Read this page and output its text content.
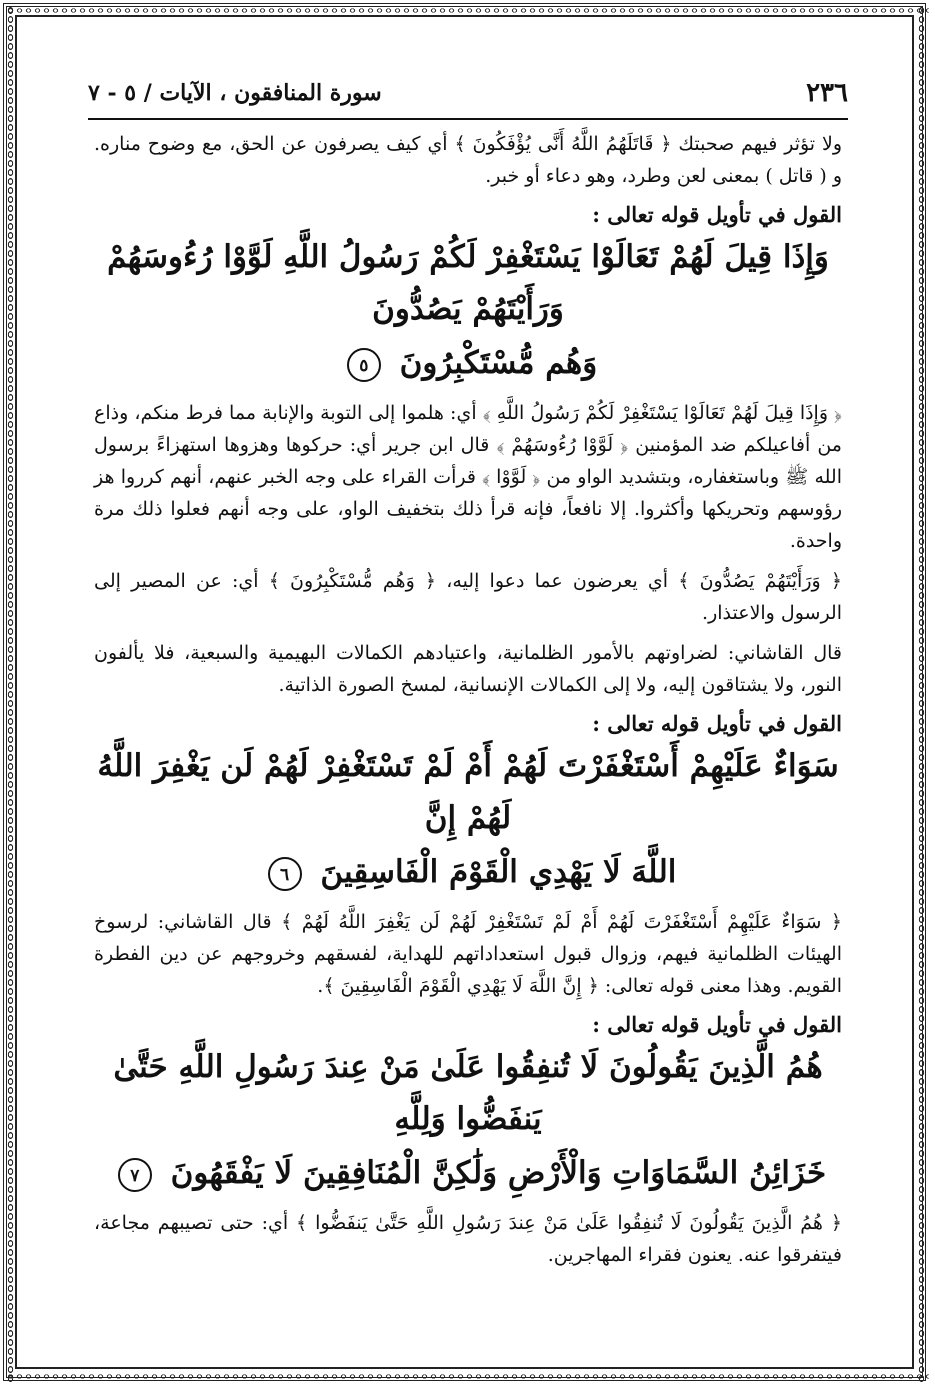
٢٣٦
سورة المنافقون ، الآيات / ٥ - ٧

ولا تؤثر فيهم صحبتك ﴿ قَاتَلَهُمُ اللَّهُ أَنَّى يُؤْفَكُونَ ﴾ أي كيف يصرفون عن الحق، مع وضوح مناره. و ( قاتل ) بمعنى لعن وطرد، وهو دعاء أو خبر.

القول في تأويل قوله تعالى :
وَإِذَا قِيلَ لَهُمْ تَعَالَوْا يَسْتَغْفِرْ لَكُمْ رَسُولُ اللَّهِ لَوَّوْا رُءُوسَهُمْ وَرَأَيْتَهُمْ يَصُدُّونَ
وَهُم مُّسْتَكْبِرُونَ ٥

﴿ وَإِذَا قِيلَ لَهُمْ تَعَالَوْا يَسْتَغْفِرْ لَكُمْ رَسُولُ اللَّهِ ﴾ أي: هلموا إلى التوبة والإنابة مما فرط منكم، وذاع من أفاعيلكم ضد المؤمنين ﴿ لَوَّوْا رُءُوسَهُمْ ﴾ قال ابن جرير أي: حركوها وهزوها استهزاءً برسول الله ﷺ وباستغفاره، وبتشديد الواو من ﴿ لَوَّوْا ﴾ قرأت القراء على وجه الخبر عنهم، أنهم كرروا هز رؤوسهم وتحريكها وأكثروا. إلا نافعاً، فإنه قرأ ذلك بتخفيف الواو، على وجه أنهم فعلوا ذلك مرة واحدة.

﴿ وَرَأَيْتَهُمْ يَصُدُّونَ ﴾ أي يعرضون عما دعوا إليه، ﴿ وَهُم مُّسْتَكْبِرُونَ ﴾ أي: عن المصير إلى الرسول والاعتذار.

قال القاشاني: لضراوتهم بالأمور الظلمانية، واعتيادهم الكمالات البهيمية والسبعية، فلا يألفون النور، ولا يشتاقون إليه، ولا إلى الكمالات الإنسانية، لمسخ الصورة الذاتية.

القول في تأويل قوله تعالى :
سَوَاءٌ عَلَيْهِمْ أَسْتَغْفَرْتَ لَهُمْ أَمْ لَمْ تَسْتَغْفِرْ لَهُمْ لَن يَغْفِرَ اللَّهُ لَهُمْ إِنَّ
اللَّهَ لَا يَهْدِي الْقَوْمَ الْفَاسِقِينَ ٦

﴿ سَوَاءٌ عَلَيْهِمْ أَسْتَغْفَرْتَ لَهُمْ أَمْ لَمْ تَسْتَغْفِرْ لَهُمْ لَن يَغْفِرَ اللَّهُ لَهُمْ ﴾ قال القاشاني: لرسوخ الهيئات الظلمانية فيهم، وزوال قبول استعداداتهم للهداية، لفسقهم وخروجهم عن دين الفطرة القويم. وهذا معنى قوله تعالى: ﴿ إِنَّ اللَّهَ لَا يَهْدِي الْقَوْمَ الْفَاسِقِينَ ﴾.

القول في تأويل قوله تعالى :
هُمُ الَّذِينَ يَقُولُونَ لَا تُنفِقُوا عَلَىٰ مَنْ عِندَ رَسُولِ اللَّهِ حَتَّىٰ يَنفَضُّوا وَلِلَّهِ
خَزَائِنُ السَّمَاوَاتِ وَالْأَرْضِ وَلَٰكِنَّ الْمُنَافِقِينَ لَا يَفْقَهُونَ ٧

﴿ هُمُ الَّذِينَ يَقُولُونَ لَا تُنفِقُوا عَلَىٰ مَنْ عِندَ رَسُولِ اللَّهِ حَتَّىٰ يَنفَضُّوا ﴾ أي: حتى تصيبهم مجاعة، فيتفرقوا عنه. يعنون فقراء المهاجرين.
